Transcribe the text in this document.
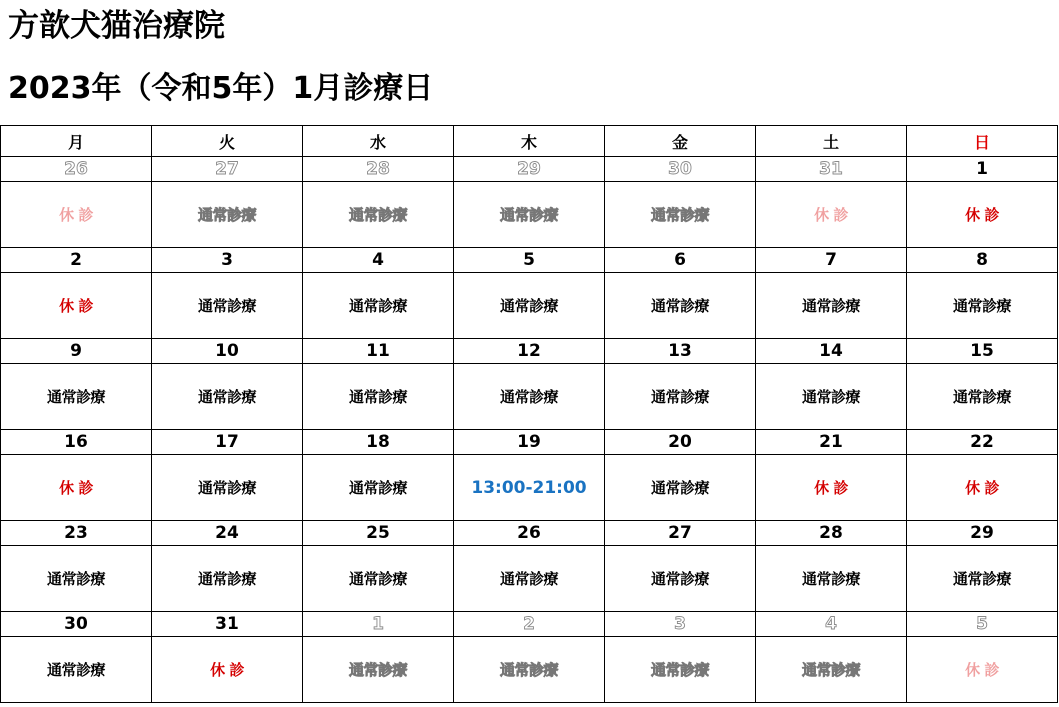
方歆犬猫治療院
2023年（令和5年）1月診療日
月	火	水	木	金	土	日
26	27	28	29	30	31	1
休 診	通常診療	通常診療	通常診療	通常診療	休 診	休 診
2	3	4	5	6	7	8
休 診	通常診療	通常診療	通常診療	通常診療	通常診療	通常診療
9	10	11	12	13	14	15
通常診療	通常診療	通常診療	通常診療	通常診療	通常診療	通常診療
16	17	18	19	20	21	22
休 診	通常診療	通常診療	13:00-21:00	通常診療	休 診	休 診
23	24	25	26	27	28	29
通常診療	通常診療	通常診療	通常診療	通常診療	通常診療	通常診療
30	31	1	2	3	4	5
通常診療	休 診	通常診療	通常診療	通常診療	通常診療	休 診
